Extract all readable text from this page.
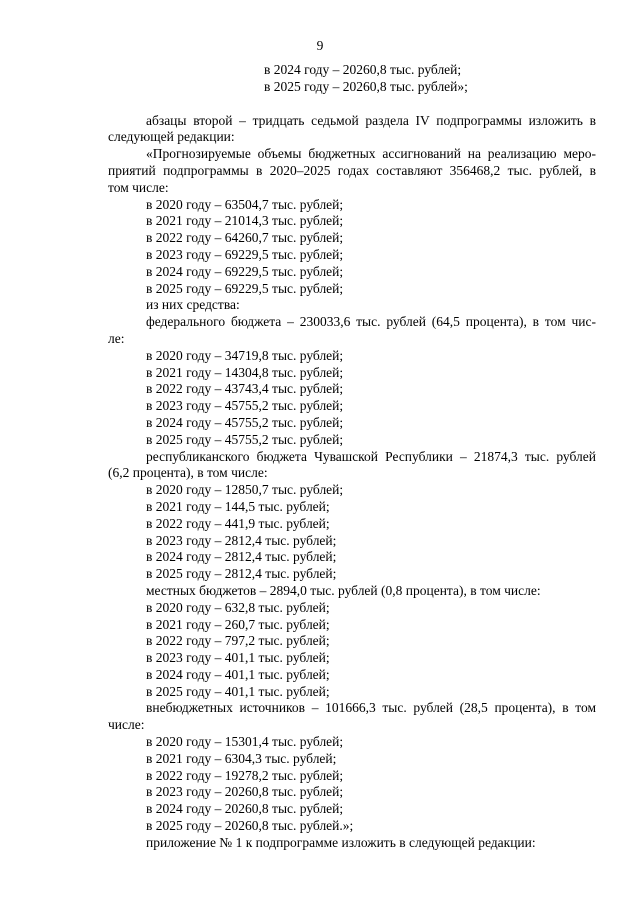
9
в 2024 году – 20260,8 тыс. рублей;
в 2025 году – 20260,8 тыс. рублей»;
абзацы второй – тридцать седьмой раздела IV подпрограммы изложить в
следующей редакции:
«Прогнозируемые объемы бюджетных ассигнований на реализацию меро-
приятий подпрограммы в 2020–2025 годах составляют 356468,2 тыс. рублей, в
том числе:
в 2020 году – 63504,7 тыс. рублей;
в 2021 году – 21014,3 тыс. рублей;
в 2022 году – 64260,7 тыс. рублей;
в 2023 году – 69229,5 тыс. рублей;
в 2024 году – 69229,5 тыс. рублей;
в 2025 году – 69229,5 тыс. рублей;
из них средства:
федерального бюджета – 230033,6 тыс. рублей (64,5 процента), в том чис-
ле:
в 2020 году – 34719,8 тыс. рублей;
в 2021 году – 14304,8 тыс. рублей;
в 2022 году – 43743,4 тыс. рублей;
в 2023 году – 45755,2 тыс. рублей;
в 2024 году – 45755,2 тыс. рублей;
в 2025 году – 45755,2 тыс. рублей;
республиканского бюджета Чувашской Республики – 21874,3 тыс. рублей
(6,2 процента), в том числе:
в 2020 году – 12850,7 тыс. рублей;
в 2021 году – 144,5 тыс. рублей;
в 2022 году – 441,9 тыс. рублей;
в 2023 году – 2812,4 тыс. рублей;
в 2024 году – 2812,4 тыс. рублей;
в 2025 году – 2812,4 тыс. рублей;
местных бюджетов – 2894,0 тыс. рублей (0,8 процента), в том числе:
в 2020 году – 632,8 тыс. рублей;
в 2021 году – 260,7 тыс. рублей;
в 2022 году – 797,2 тыс. рублей;
в 2023 году – 401,1 тыс. рублей;
в 2024 году – 401,1 тыс. рублей;
в 2025 году – 401,1 тыс. рублей;
внебюджетных источников – 101666,3 тыс. рублей (28,5 процента), в том
числе:
в 2020 году – 15301,4 тыс. рублей;
в 2021 году – 6304,3 тыс. рублей;
в 2022 году – 19278,2 тыс. рублей;
в 2023 году – 20260,8 тыс. рублей;
в 2024 году – 20260,8 тыс. рублей;
в 2025 году – 20260,8 тыс. рублей.»;
приложение № 1 к подпрограмме изложить в следующей редакции:
